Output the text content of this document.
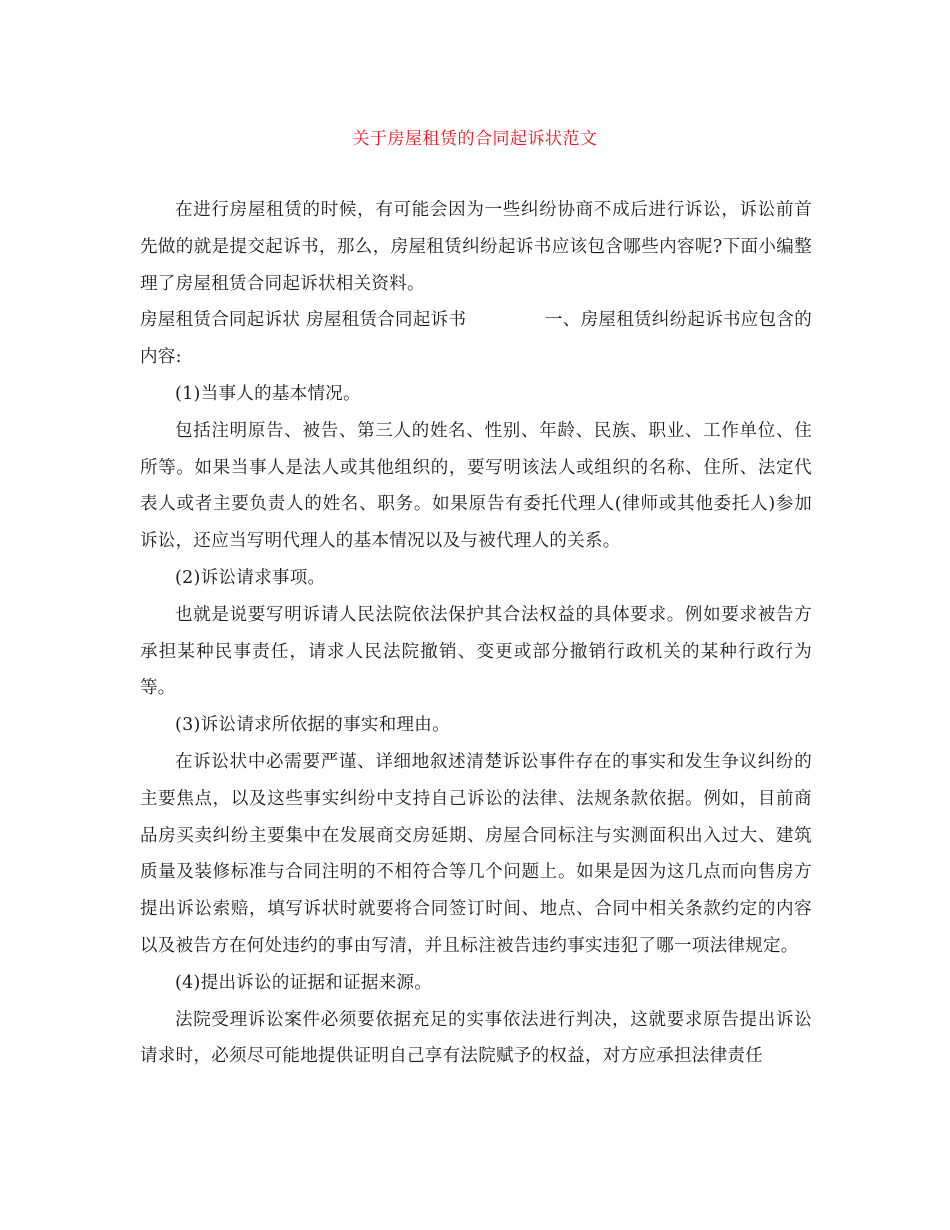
关于房屋租赁的合同起诉状范文

在进行房屋租赁的时候，有可能会因为一些纠纷协商不成后进行诉讼，诉讼前首先做的就是提交起诉书，那么，房屋租赁纠纷起诉书应该包含哪些内容呢?下面小编整理了房屋租赁合同起诉状相关资料。

房屋租赁合同起诉状 房屋租赁合同起诉书	一、房屋租赁纠纷起诉书应包含的

内容:

(1)当事人的基本情况。

包括注明原告、被告、第三人的姓名、性别、年龄、民族、职业、工作单位、住所等。如果当事人是法人或其他组织的，要写明该法人或组织的名称、住所、法定代表人或者主要负责人的姓名、职务。如果原告有委托代理人(律师或其他委托人)参加诉讼，还应当写明代理人的基本情况以及与被代理人的关系。

(2)诉讼请求事项。

也就是说要写明诉请人民法院依法保护其合法权益的具体要求。例如要求被告方承担某种民事责任，请求人民法院撤销、变更或部分撤销行政机关的某种行政行为等。

(3)诉讼请求所依据的事实和理由。

在诉讼状中必需要严谨、详细地叙述清楚诉讼事件存在的事实和发生争议纠纷的主要焦点，以及这些事实纠纷中支持自己诉讼的法律、法规条款依据。例如，目前商品房买卖纠纷主要集中在发展商交房延期、房屋合同标注与实测面积出入过大、建筑质量及装修标准与合同注明的不相符合等几个问题上。如果是因为这几点而向售房方提出诉讼索赔，填写诉状时就要将合同签订时间、地点、合同中相关条款约定的内容以及被告方在何处违约的事由写清，并且标注被告违约事实违犯了哪一项法律规定。

(4)提出诉讼的证据和证据来源。

法院受理诉讼案件必须要依据充足的实事依法进行判决，这就要求原告提出诉讼请求时，必须尽可能地提供证明自己享有法院赋予的权益，对方应承担法律责任
